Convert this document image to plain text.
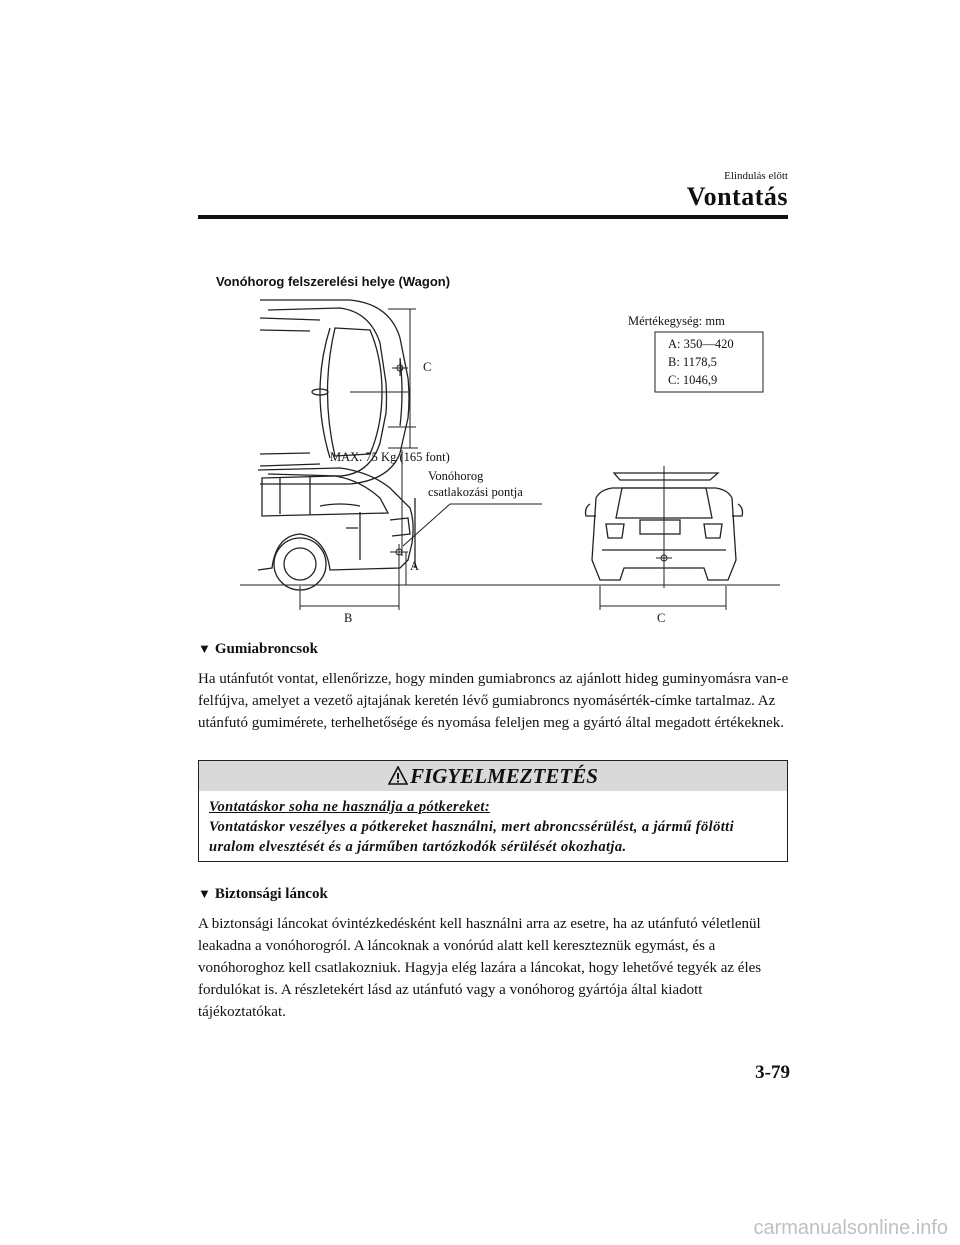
Elindulás előtt
Vontatás
Vonóhorog felszerelési helye (Wagon)
C
Mértékegység: mm
A: 350—420
B: 1178,5
C: 1046,9
MAX. 75 Kg (165 font)
Vonóhorog
csatlakozási pontja
A
B	C
▼ Gumiabroncsok
Ha utánfutót vontat, ellenőrizze, hogy minden gumiabroncs az ajánlott hideg guminyomásra van-e felfújva, amelyet a vezető ajtajának keretén lévő gumiabroncs nyomásérték-címke tartalmaz. Az utánfutó gumimérete, terhelhetősége és nyomása feleljen meg a gyártó által megadott értékeknek.
FIGYELMEZTETÉS
Vontatáskor soha ne használja a pótkereket:
Vontatáskor veszélyes a pótkereket használni, mert abroncssérülést, a jármű fölötti uralom elvesztését és a járműben tartózkodók sérülését okozhatja.
▼ Biztonsági láncok
A biztonsági láncokat óvintézkedésként kell használni arra az esetre, ha az utánfutó véletlenül leakadna a vonóhorogról. A láncoknak a vonórúd alatt kell kereszteznük egymást, és a vonóhoroghoz kell csatlakozniuk. Hagyja elég lazára a láncokat, hogy lehetővé tegyék az éles fordulókat is. A részletekért lásd az utánfutó vagy a vonóhorog gyártója által kiadott tájékoztatókat.
3-79
carmanualsonline.info
